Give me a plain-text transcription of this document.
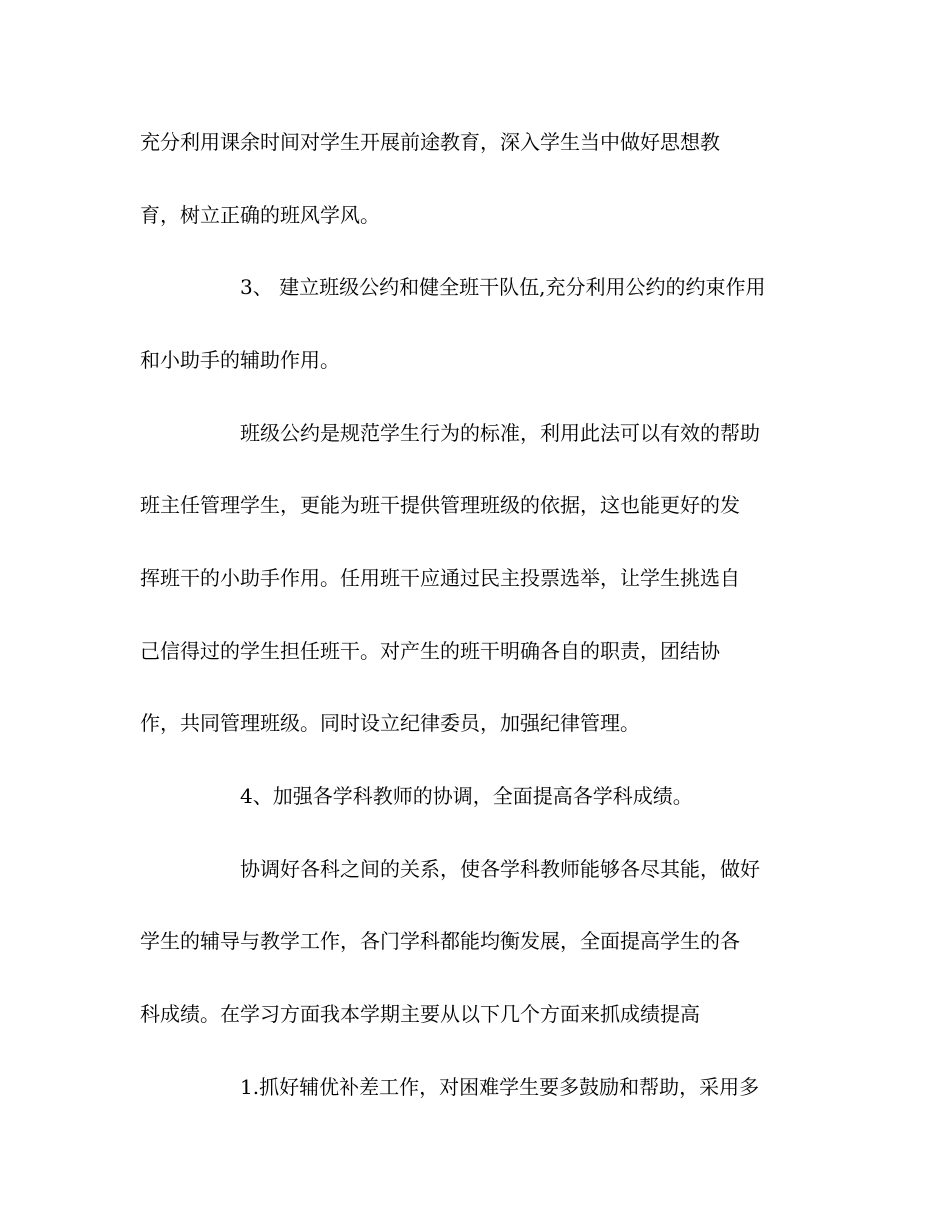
充分利用课余时间对学生开展前途教育，深入学生当中做好思想教

育，树立正确的班风学风。

3、 建立班级公约和健全班干队伍,充分利用公约的约束作用

和小助手的辅助作用。

班级公约是规范学生行为的标准，利用此法可以有效的帮助

班主任管理学生，更能为班干提供管理班级的依据，这也能更好的发

挥班干的小助手作用。任用班干应通过民主投票选举，让学生挑选自

己信得过的学生担任班干。对产生的班干明确各自的职责，团结协

作，共同管理班级。同时设立纪律委员，加强纪律管理。

4、加强各学科教师的协调，全面提高各学科成绩。

协调好各科之间的关系，使各学科教师能够各尽其能，做好

学生的辅导与教学工作，各门学科都能均衡发展，全面提高学生的各

科成绩。在学习方面我本学期主要从以下几个方面来抓成绩提高

1.抓好辅优补差工作，对困难学生要多鼓励和帮助，采用多
